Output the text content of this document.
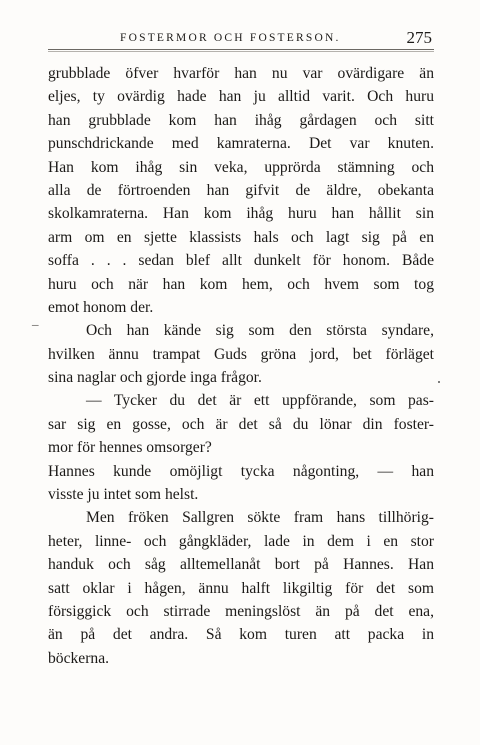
FOSTERMOR OCH FOSTERSON.	275
_
grubblade öfver hvarför han nu var ovärdigare än
eljes, ty ovärdig hade han ju alltid varit. Och huru
han grubblade kom han ihåg gårdagen och sitt
punschdrickande med kamraterna. Det var knuten.
Han kom ihåg sin veka, upprörda stämning och
alla de förtroenden han gifvit de äldre, obekanta
skolkamraterna. Han kom ihåg huru han hållit sin
arm om en sjette klassists hals och lagt sig på en
soffa . . . sedan blef allt dunkelt för honom. Både
huru och när han kom hem, och hvem som tog
emot honom der.
Och han kände sig som den största syndare,
hvilken ännu trampat Guds gröna jord, bet förläget
sina naglar och gjorde inga frågor.
— Tycker du det är ett uppförande, som pas-
sar sig en gosse, och är det så du lönar din foster-
mor för hennes omsorger?
Hannes kunde omöjligt tycka någonting, — han
visste ju intet som helst.
Men fröken Sallgren sökte fram hans tillhörig-
heter, linne- och gångkläder, lade in dem i en stor
handuk och såg alltemellanåt bort på Hannes. Han
satt oklar i hågen, ännu halft likgiltig för det som
försiggick och stirrade meningslöst än på det ena,
än på det andra. Så kom turen att packa in
böckerna.
